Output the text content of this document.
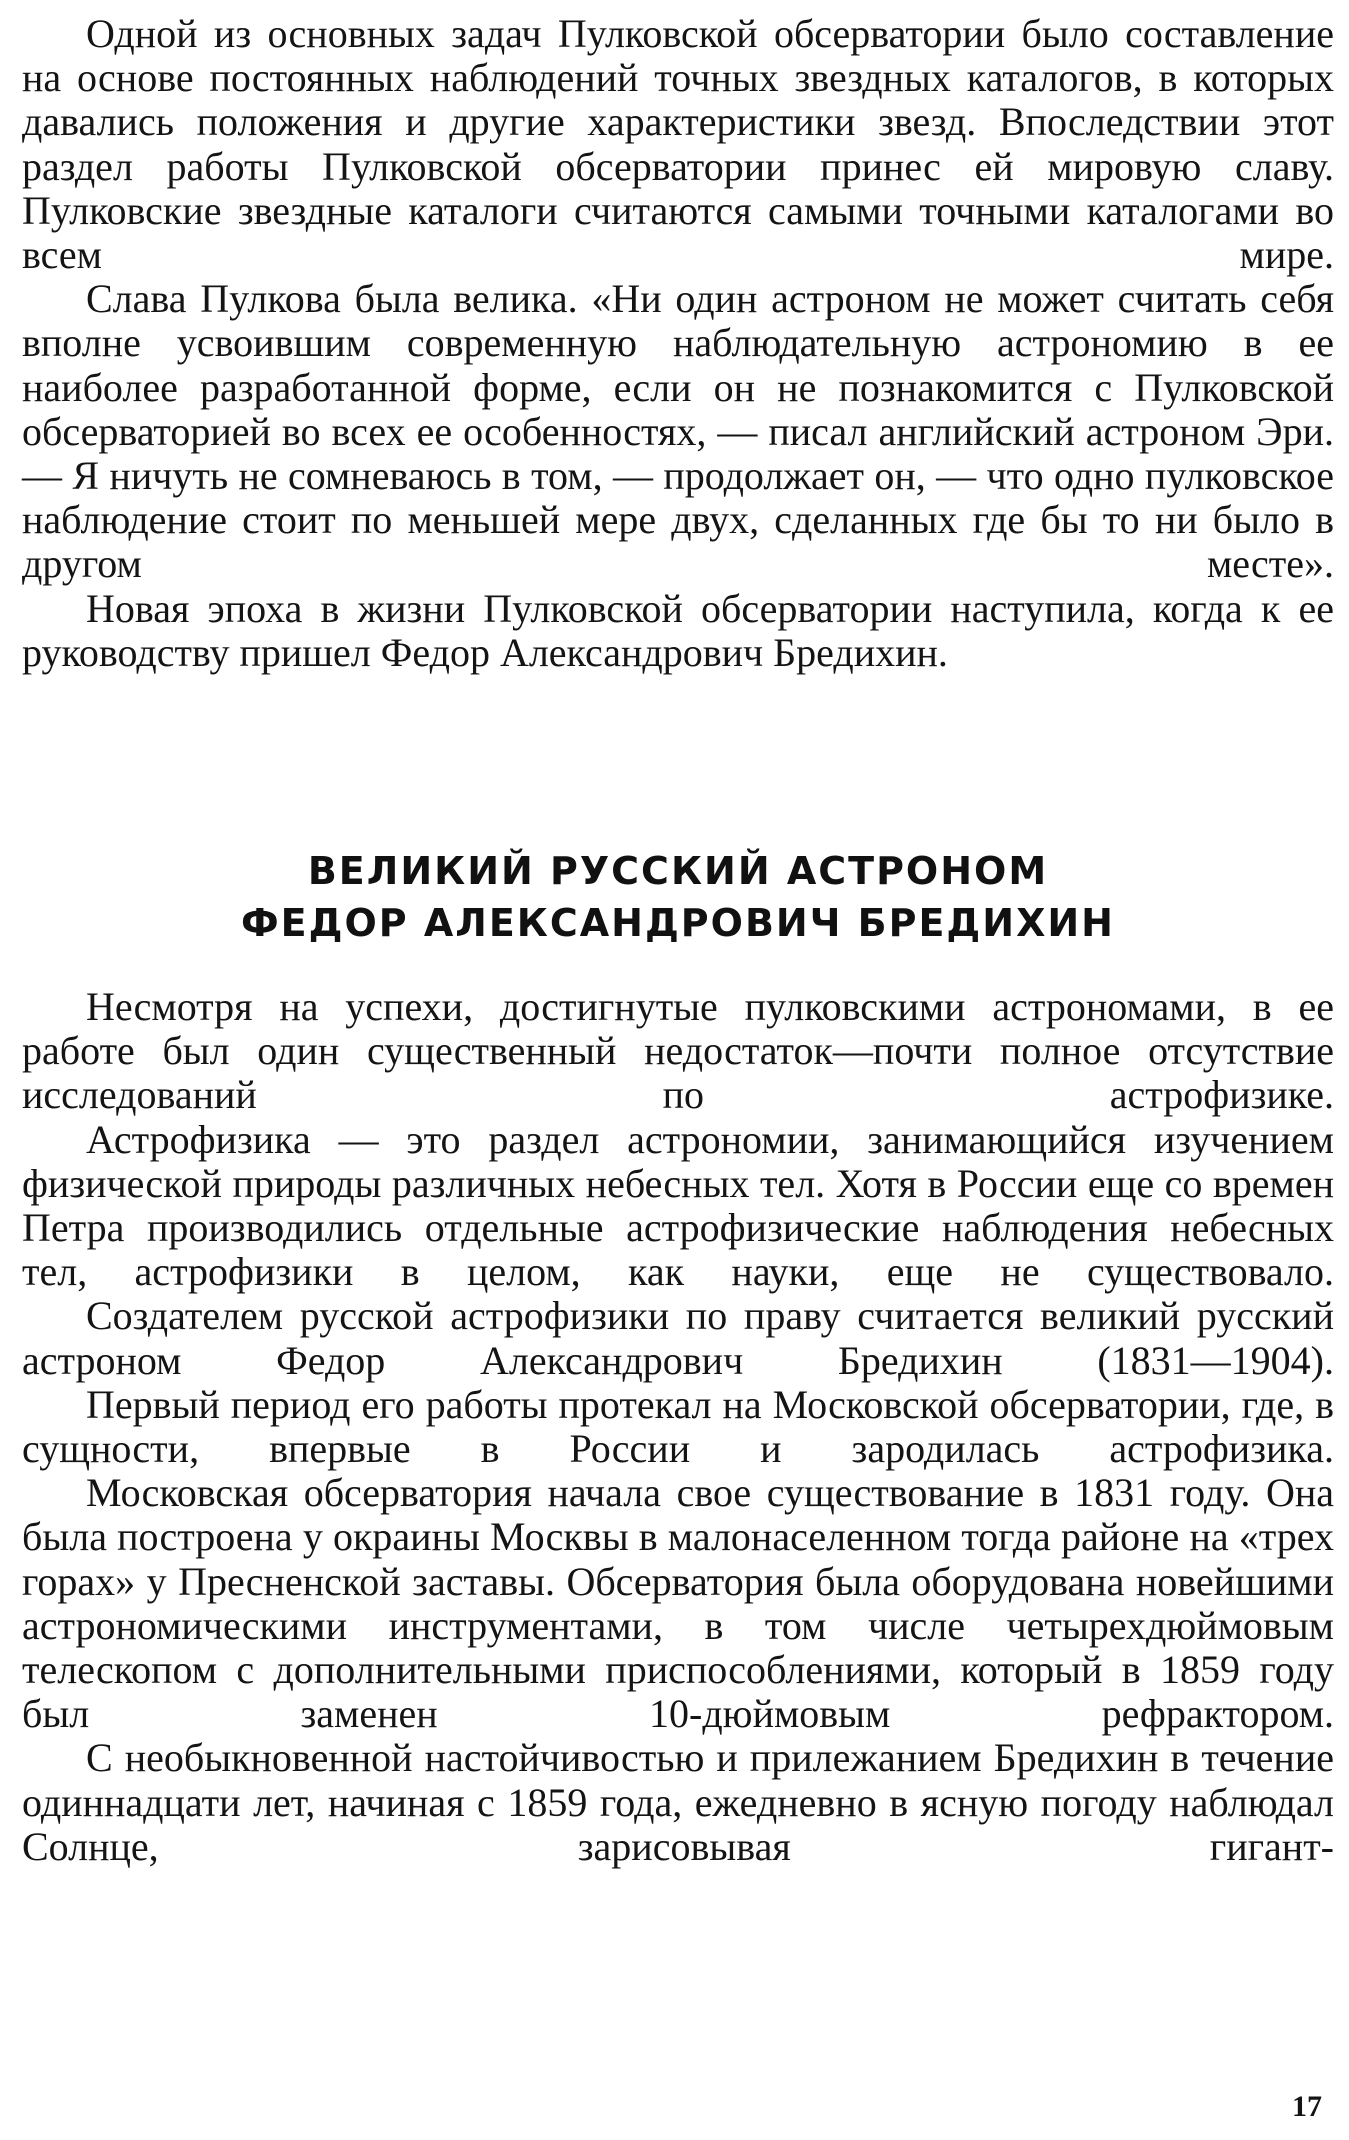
Одной из основных задач Пулковской обсерватории было составление на основе постоянных наблюдений точных звездных каталогов, в которых давались положения и другие характеристики звезд. Впоследствии этот раздел работы Пулковской обсерватории принес ей мировую славу. Пулковские звездные каталоги считаются самыми точными каталогами во всем мире.

Слава Пулкова была велика. «Ни один астроном не может считать себя вполне усвоившим современную наблюдательную астрономию в ее наиболее разработанной форме, если он не познакомится с Пулковской обсерваторией во всех ее особенностях, — писал английский астроном Эри. — Я ничуть не сомневаюсь в том, — продолжает он, — что одно пулковское наблюдение стоит по меньшей мере двух, сделанных где бы то ни было в другом месте».

Новая эпоха в жизни Пулковской обсерватории наступила, когда к ее руководству пришел Федор Александрович Бредихин.

ВЕЛИКИЙ РУССКИЙ АСТРОНОМ
ФЕДОР АЛЕКСАНДРОВИЧ БРЕДИХИН

Несмотря на успехи, достигнутые пулковскими астрономами, в ее работе был один существенный недостаток—почти полное отсутствие исследований по астрофизике.

Астрофизика — это раздел астрономии, занимающийся изучением физической природы различных небесных тел. Хотя в России еще со времен Петра производились отдельные астрофизические наблюдения небесных тел, астрофизики в целом, как науки, еще не существовало.

Создателем русской астрофизики по праву считается великий русский астроном Федор Александрович Бредихин (1831—1904).

Первый период его работы протекал на Московской обсерватории, где, в сущности, впервые в России и зародилась астрофизика.

Московская обсерватория начала свое существование в 1831 году. Она была построена у окраины Москвы в малонаселенном тогда районе на «трех горах» у Пресненской заставы. Обсерватория была оборудована новейшими астрономическими инструментами, в том числе четырехдюймовым телескопом с дополнительными приспособлениями, который в 1859 году был заменен 10-дюймовым рефрактором.

С необыкновенной настойчивостью и прилежанием Бредихин в течение одиннадцати лет, начиная с 1859 года, ежедневно в ясную погоду наблюдал Солнце, зарисовывая гигант-

17
